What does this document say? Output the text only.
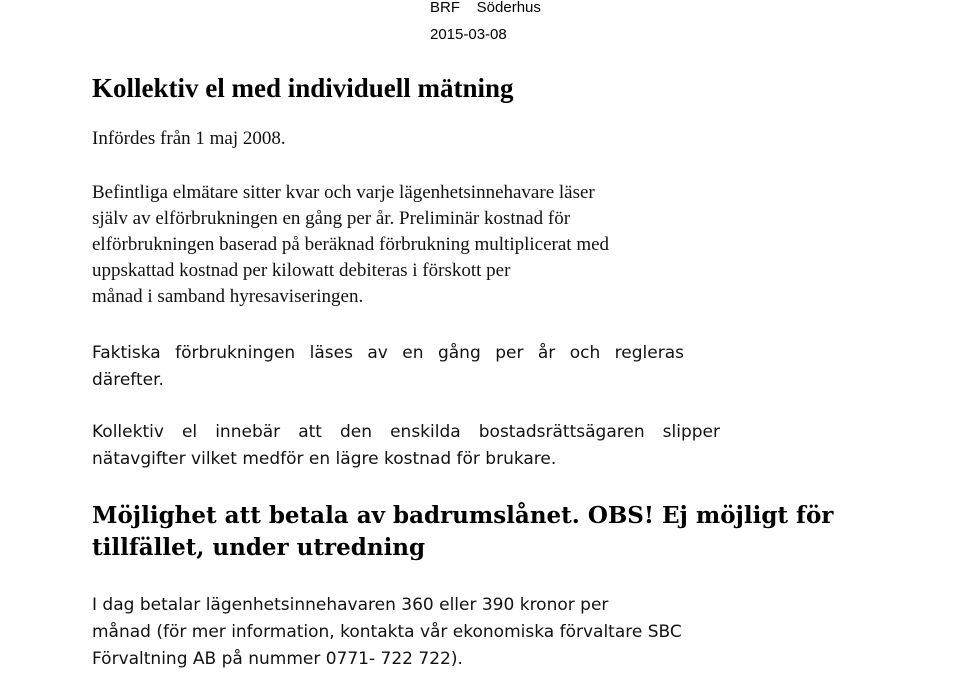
BRF    Söderhus
2015-03-08
Kollektiv el med individuell mätning

Infördes från 1 maj 2008.

Befintliga elmätare sitter kvar och varje lägenhetsinnehavare läser
själv av elförbrukningen en gång per år. Preliminär kostnad för
elförbrukningen baserad på beräknad förbrukning multiplicerat med
uppskattad kostnad per kilowatt debiteras i förskott per
månad i samband hyresaviseringen.

Faktiska förbrukningen läses av en gång per år och regleras
därefter.

Kollektiv el innebär att den enskilda bostadsrättsägaren slipper
nätavgifter vilket medför en lägre kostnad för brukare.

Möjlighet att betala av badrumslånet. OBS! Ej möjligt för
tillfället, under utredning

I dag betalar lägenhetsinnehavaren 360 eller 390 kronor per
månad (för mer information, kontakta vår ekonomiska förvaltare SBC
Förvaltning AB på nummer 0771- 722 722).
